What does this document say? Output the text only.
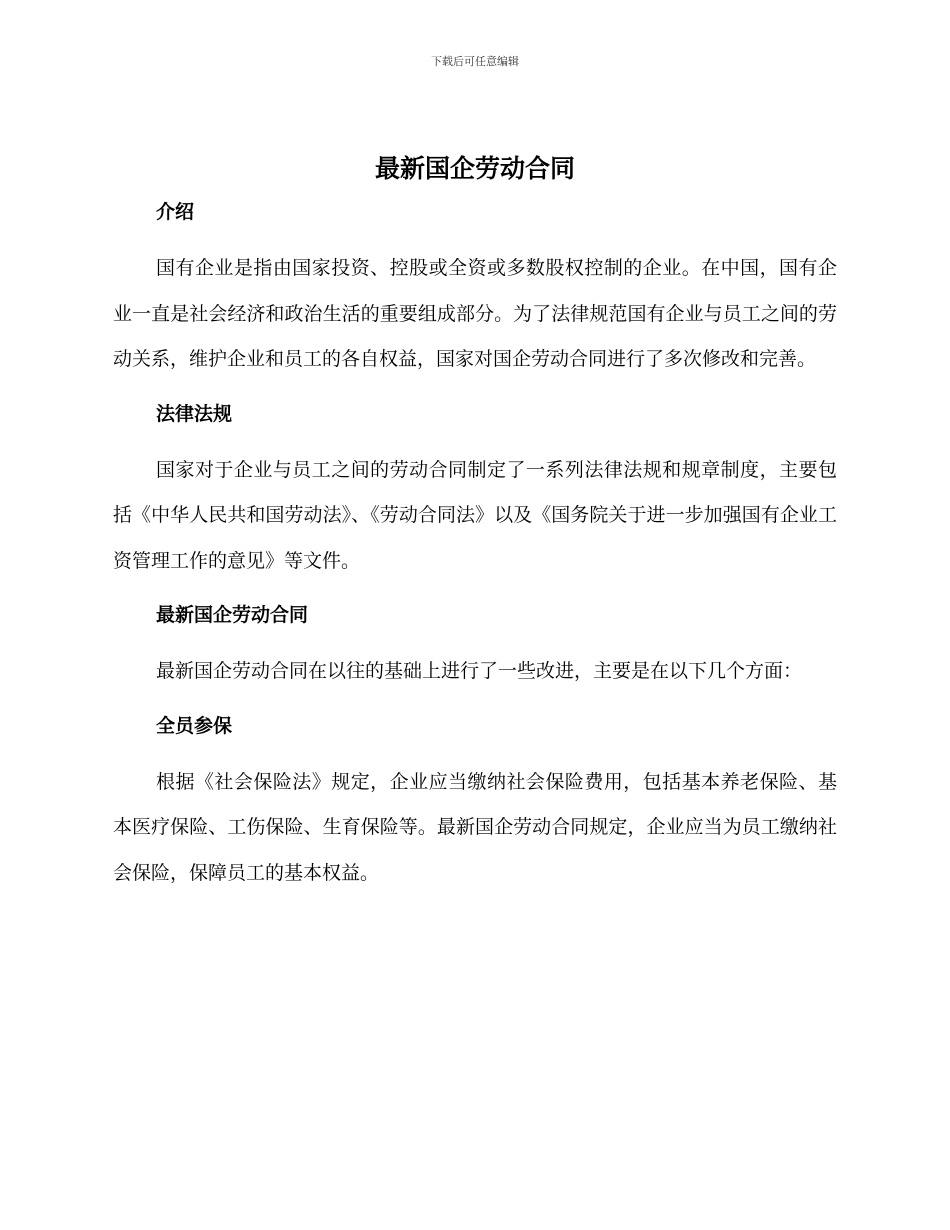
下载后可任意编辑
最新国企劳动合同
介绍

国有企业是指由国家投资、控股或全资或多数股权控制的企业。在中国，国有企业一直是社会经济和政治生活的重要组成部分。为了法律规范国有企业与员工之间的劳动关系，维护企业和员工的各自权益，国家对国企劳动合同进行了多次修改和完善。

法律法规

国家对于企业与员工之间的劳动合同制定了一系列法律法规和规章制度，主要包括《中华人民共和国劳动法》、《劳动合同法》以及《国务院关于进一步加强国有企业工资管理工作的意见》等文件。

最新国企劳动合同

最新国企劳动合同在以往的基础上进行了一些改进，主要是在以下几个方面：

全员参保

根据《社会保险法》规定，企业应当缴纳社会保险费用，包括基本养老保险、基本医疗保险、工伤保险、生育保险等。最新国企劳动合同规定，企业应当为员工缴纳社会保险，保障员工的基本权益。
